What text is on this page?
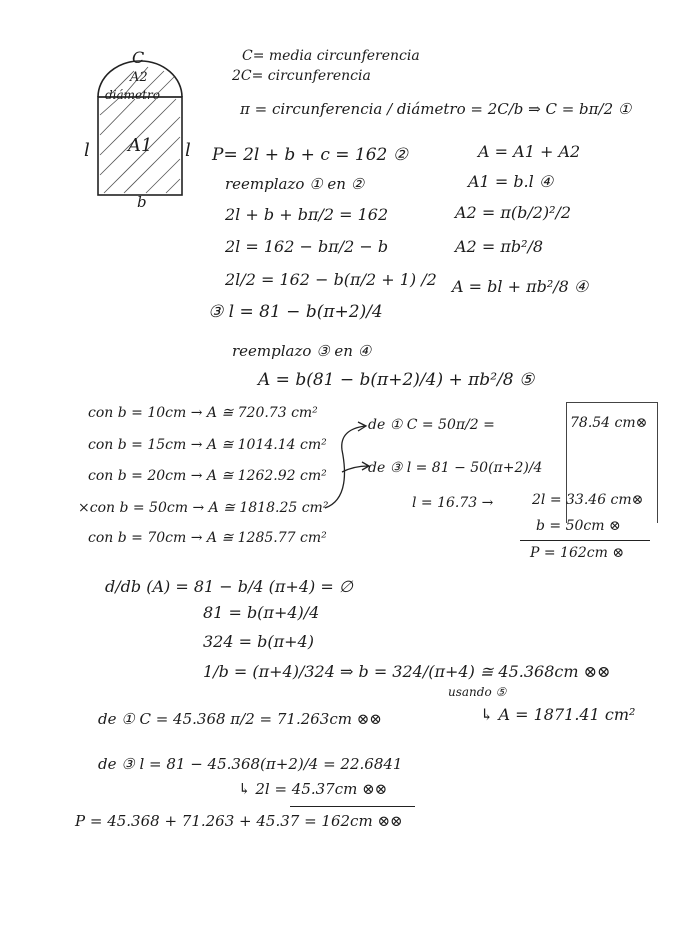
C
A2
diámetro
A1
l	l
b
C= media circunferencia
2C= circunferencia
π = circunferencia / diámetro = 2C/b ⇒ C = bπ/2 ①
P= 2l + b + c = 162 ②	A = A1 + A2
reemplazo ① en ②	A1 = b.l ④
2l + b + bπ/2 = 162	A2 = π(b/2)²/2
2l = 162 − bπ/2 − b	A2 = πb²/8
2l/2 = 162 − b(π/2 + 1) /2 A = bl + πb²/8 ④
③ l = 81 − b(π+2)/4
reemplazo ③ en ④
A = b(81 − b(π+2)/4) + πb²/8 ⑤
con b = 10cm → A ≅ 720.73 cm²
con b = 15cm → A ≅ 1014.14 cm²
con b = 20cm → A ≅ 1262.92 cm²
×con b = 50cm → A ≅ 1818.25 cm²
con b = 70cm → A ≅ 1285.77 cm²
de ① C = 50π/2 =	78.54 cm⊗
de ③ l = 81 − 50(π+2)/4
l = 16.73 →	2l = 33.46 cm⊗
b = 50cm ⊗
P = 162cm ⊗
d/db (A) = 81 − b/4 (π+4) = ∅
81 = b(π+4)/4
324 = b(π+4)
1/b = (π+4)/324 ⇒ b = 324/(π+4) ≅ 45.368cm ⊗⊗
usando ⑤
↳ A = 1871.41 cm²
de ① C = 45.368 π/2 = 71.263cm ⊗⊗
de ③ l = 81 − 45.368(π+2)/4 = 22.6841
↳ 2l = 45.37cm ⊗⊗
P = 45.368 + 71.263 + 45.37 = 162cm ⊗⊗
